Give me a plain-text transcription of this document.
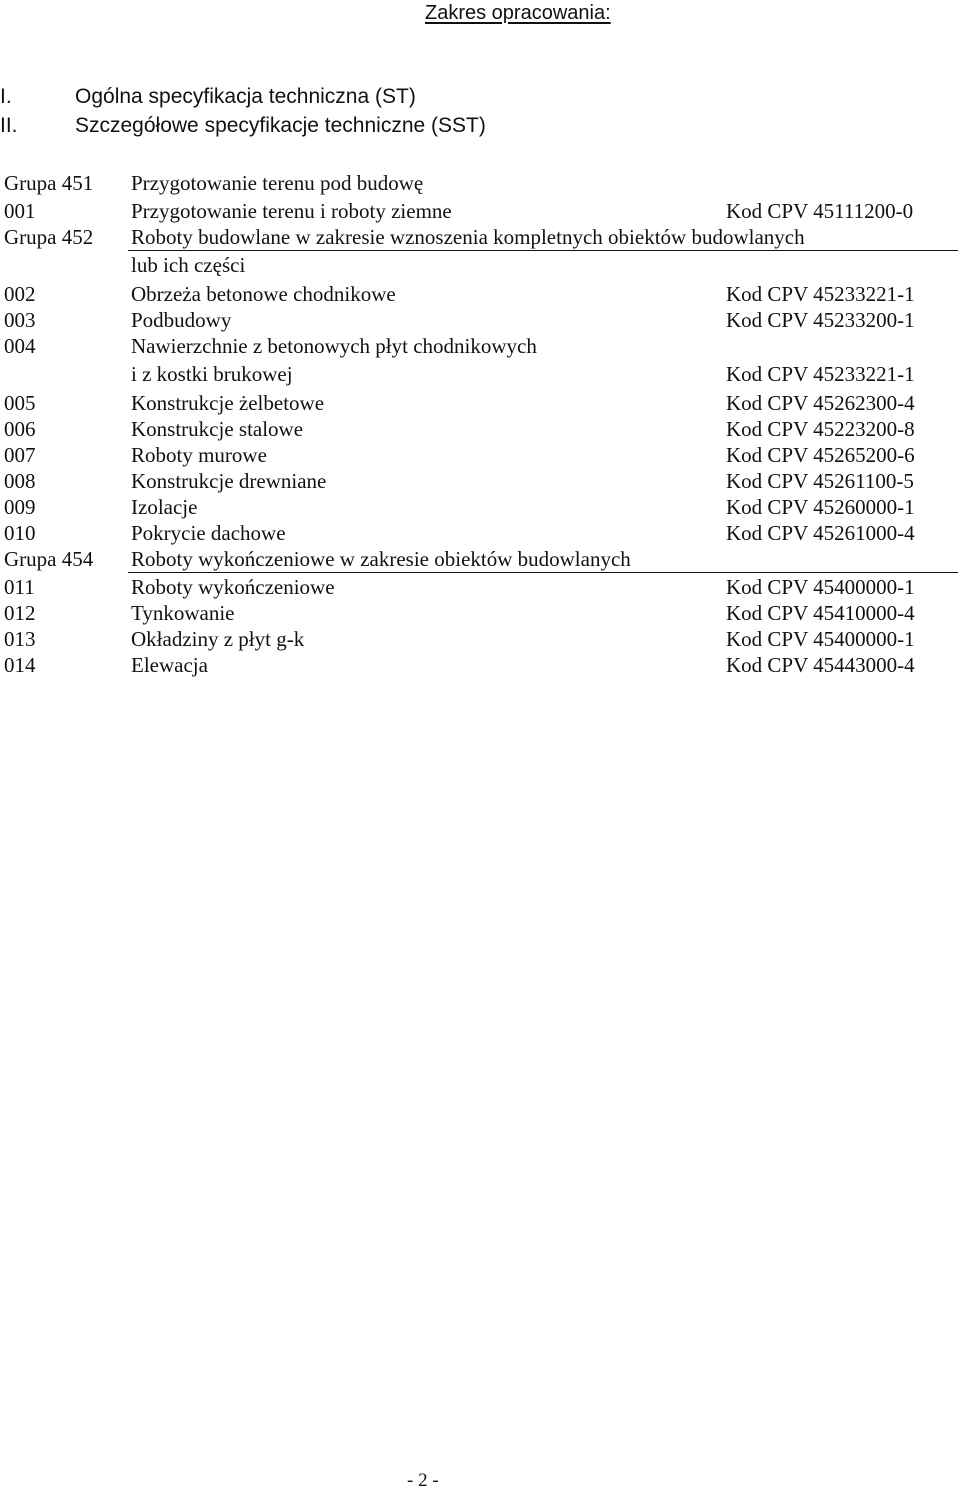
Zakres opracowania:
I.	Ogólna specyfikacja techniczna (ST)
II.	Szczegółowe specyfikacje techniczne (SST)
Grupa 451 Przygotowanie terenu pod budowę
001	Przygotowanie terenu i roboty ziemne	Kod CPV 45111200-0
Grupa 452 Roboty budowlane w zakresie wznoszenia kompletnych obiektów budowlanych
lub ich części
002	Obrzeża betonowe chodnikowe	Kod CPV 45233221-1
003	Podbudowy	Kod CPV 45233200-1
004	Nawierzchnie z betonowych płyt chodnikowych
i z kostki brukowej	Kod CPV 45233221-1
005	Konstrukcje żelbetowe	Kod CPV 45262300-4
006	Konstrukcje stalowe	Kod CPV 45223200-8
007	Roboty murowe	Kod CPV 45265200-6
008	Konstrukcje drewniane	Kod CPV 45261100-5
009	Izolacje	Kod CPV 45260000-1
010	Pokrycie dachowe	Kod CPV 45261000-4
Grupa 454 Roboty wykończeniowe w zakresie obiektów budowlanych
011	Roboty wykończeniowe	Kod CPV 45400000-1
012	Tynkowanie	Kod CPV 45410000-4
013	Okładziny z płyt g-k	Kod CPV 45400000-1
014	Elewacja	Kod CPV 45443000-4
- 2 -
